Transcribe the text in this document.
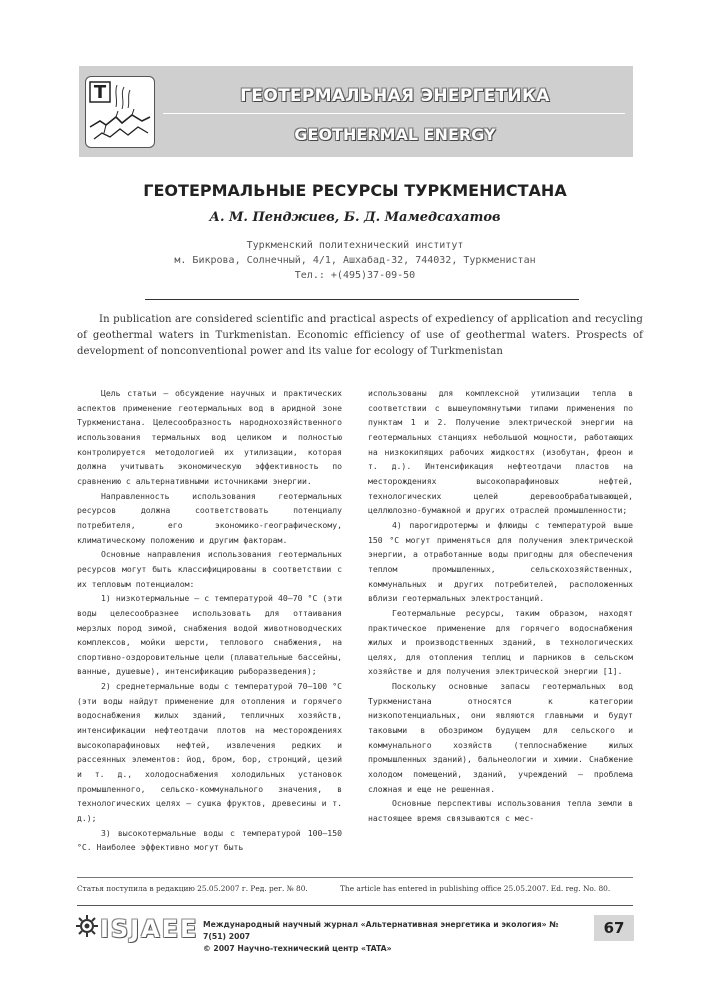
T	ГЕОТЕРМАЛЬНАЯ ЭНЕРГЕТИКА
GEOTHERMAL ENERGY
ГЕОТЕРМАЛЬНЫЕ РЕСУРСЫ ТУРКМЕНИСТАНА
А. М. Пенджиев, Б. Д. Мамедсахатов
Туркменский политехнический институт
м. Бикрова, Солнечный, 4/1, Ашхабад-32, 744032, Туркменистан
Тел.: +(495)37-09-50
In publication are considered scientific and practical aspects of expediency of application and recycling of geothermal waters in Turkmenistan. Economic efficiency of use of geothermal waters. Prospects of development of nonconventional power and its value for ecology of Turkmenistan

Цель статьи — обсуждение научных и практических аспектов применение геотермальных вод в аридной зоне Туркменистана. Целесообразность народнохозяйственного использования термальных вод целиком и полностью контролируется методологией их утилизации, которая должна учитывать экономическую эффективность по сравнению с альтернативными источниками энергии.

Направленность использования геотермальных ресурсов должна соответствовать потенциалу потребителя, его экономико-географическому, климатическому положению и другим факторам.

Основные направления использования геотермальных ресурсов могут быть классифицированы в соответствии с их тепловым потенциалом:

1) низкотермальные — с температурой 40–70 °С (эти воды целесообразнее использовать для оттаивания мерзлых пород зимой, снабжения водой животноводческих комплексов, мойки шерсти, теплового снабжения, на спортивно-оздоровительные цели (плавательные бассейны, ванные, душевые), интенсификацию рыборазведения);

2) среднетермальные воды с температурой 70–100 °С (эти воды найдут применение для отопления и горячего водоснабжения жилых зданий, тепличных хозяйств, интенсификации нефтеотдачи плотов на месторождениях высокопарафиновых нефтей, извлечения редких и рассеянных элементов: йод, бром, бор, стронций, цезий и т. д., холодоснабжения холодильных установок промышленного, сельско-коммунального значения, в технологических целях — сушка фруктов, древесины и т. д.);

3) высокотермальные воды с температурой 100–150 °С. Наиболее эффективно могут быть

использованы для комплексной утилизации тепла в соответствии с вышеупомянутыми типами применения по пунктам 1 и 2. Получение электрической энергии на геотермальных станциях небольшой мощности, работающих на низкокипящих рабочих жидкостях (изобутан, фреон и т. д.). Интенсификация нефтеотдачи пластов на месторождениях высокопарафиновых нефтей, технологических целей деревообрабатывающей, целлюлозно-бумажной и других отраслей промышленности;

4) парогидротермы и флюиды с температурой выше 150 °С могут применяться для получения электрической энергии, а отработанные воды пригодны для обеспечения теплом промышленных, сельскохозяйственных, коммунальных и других потребителей, расположенных вблизи геотермальных электростанций.

Геотермальные ресурсы, таким образом, находят практическое применение для горячего водоснабжения жилых и производственных зданий, в технологических целях, для отопления теплиц и парников в сельском хозяйстве и для получения электрической энергии [1].

Поскольку основные запасы геотермальных вод Туркменистана относятся к категории низкопотенциальных, они являются главными и будут таковыми в обозримом будущем для сельского и коммунального хозяйств (теплоснабжение жилых промышленных зданий), бальнеологии и химии. Снабжение холодом помещений, зданий, учреждений — проблема сложная и еще не решенная.

Основные перспективы использования тепла земли в настоящее время связываются с мес-

Статья поступила в редакцию 25.05.2007 г. Ред. рег. № 80.	The article has entered in publishing office 25.05.2007. Ed. reg. No. 80.
ISJAEE Международный научный журнал «Альтернативная энергетика и экология» № 7(51) 2007
© 2007 Научно-технический центр «TATA»
67
